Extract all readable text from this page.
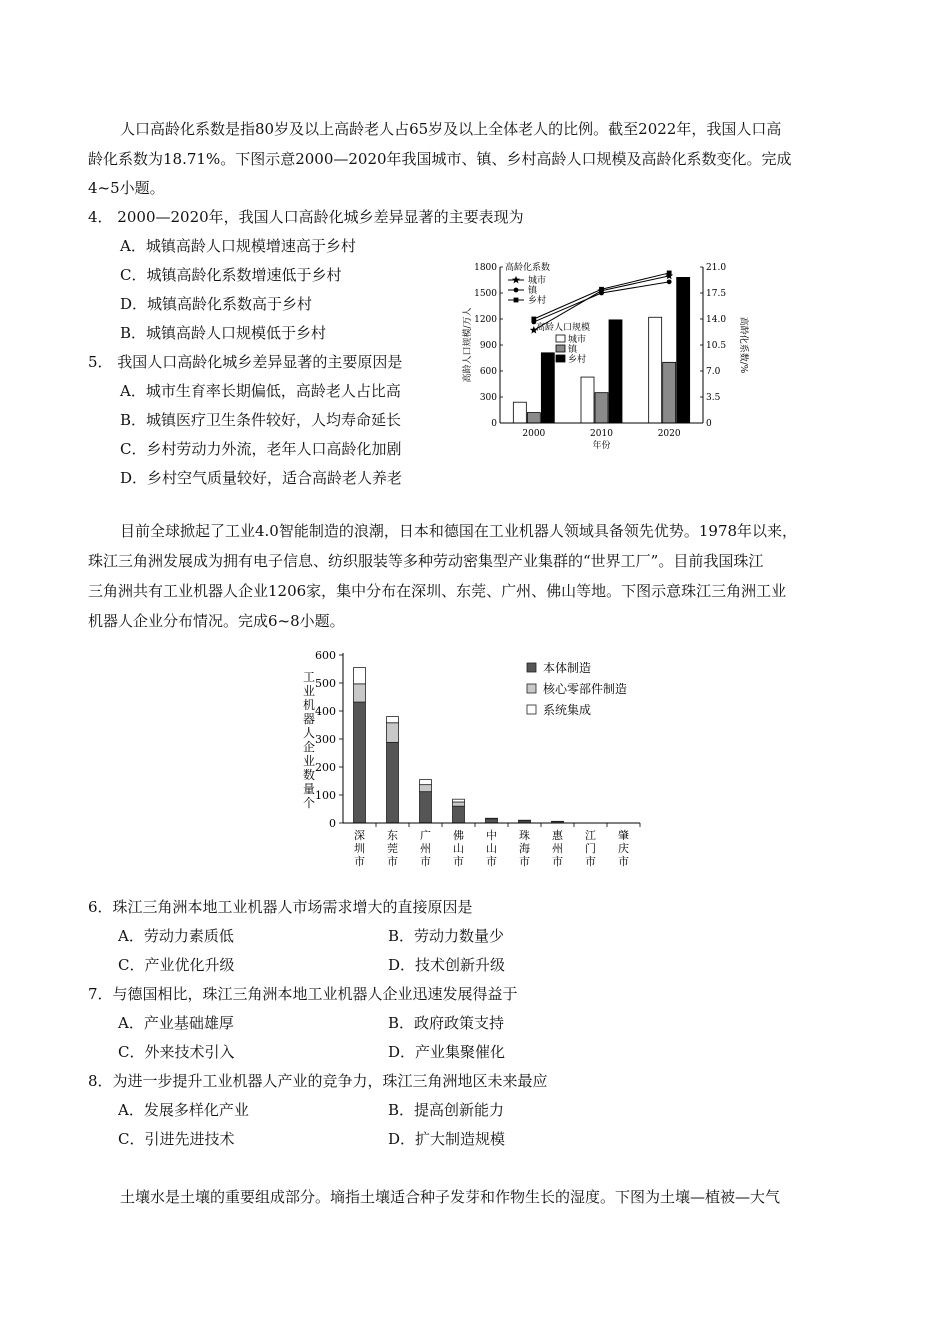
人口高龄化系数是指80岁及以上高龄老人占65岁及以上全体老人的比例。截至2022年，我国人口高
龄化系数为18.71%。下图示意2000—2020年我国城市、镇、乡村高龄人口规模及高龄化系数变化。完成
4~5小题。
4． 2000—2020年，我国人口高龄化城乡差异显著的主要表现为
A．城镇高龄人口规模增速高于乡村
C．城镇高龄化系数增速低于乡村
D．城镇高龄化系数高于乡村
B．城镇高龄人口规模低于乡村
5． 我国人口高龄化城乡差异显著的主要原因是
A．城市生育率长期偏低，高龄老人占比高
B．城镇医疗卫生条件较好，人均寿命延长
C．乡村劳动力外流，老年人口高龄化加剧
D．乡村空气质量较好，适合高龄老人养老
0
300
600
900
1200
1500
1800
0
3.5
7.0
10.5
14.0
17.5
21.0
2000	2010	2020
年份
高龄化系数
城市
镇
乡村
高龄人口规模
城市
镇
乡村
高龄人口规模/万人	高龄化系数/%
目前全球掀起了工业4.0智能制造的浪潮，日本和德国在工业机器人领域具备领先优势。1978年以来，
珠江三角洲发展成为拥有电子信息、纺织服装等多种劳动密集型产业集群的“世界工厂”。目前我国珠江
三角洲共有工业机器人企业1206家，集中分布在深圳、东莞、广州、佛山等地。下图示意珠江三角洲工业
机器人企业分布情况。完成6~8小题。
0
100
200
300
400
500
600
深
圳
市
东
莞
市
广
州
市
佛
山
市
中
山
市
珠
海
市
惠
州
市
江
门
市
肇
庆
市
工
业
机
器
人
企
业
数
量
个
本体制造
核心零部件制造
系统集成
6．珠江三角洲本地工业机器人市场需求增大的直接原因是
A．劳动力素质低	B．劳动力数量少
C．产业优化升级	D．技术创新升级
7．与德国相比，珠江三角洲本地工业机器人企业迅速发展得益于
A．产业基础雄厚	B．政府政策支持
C．外来技术引入	D．产业集聚催化
8．为进一步提升工业机器人产业的竞争力，珠江三角洲地区未来最应
A．发展多样化产业	B．提高创新能力
C．引进先进技术	D．扩大制造规模
土壤水是土壤的重要组成部分。墒指土壤适合种子发芽和作物生长的湿度。下图为土壤—植被—大气
